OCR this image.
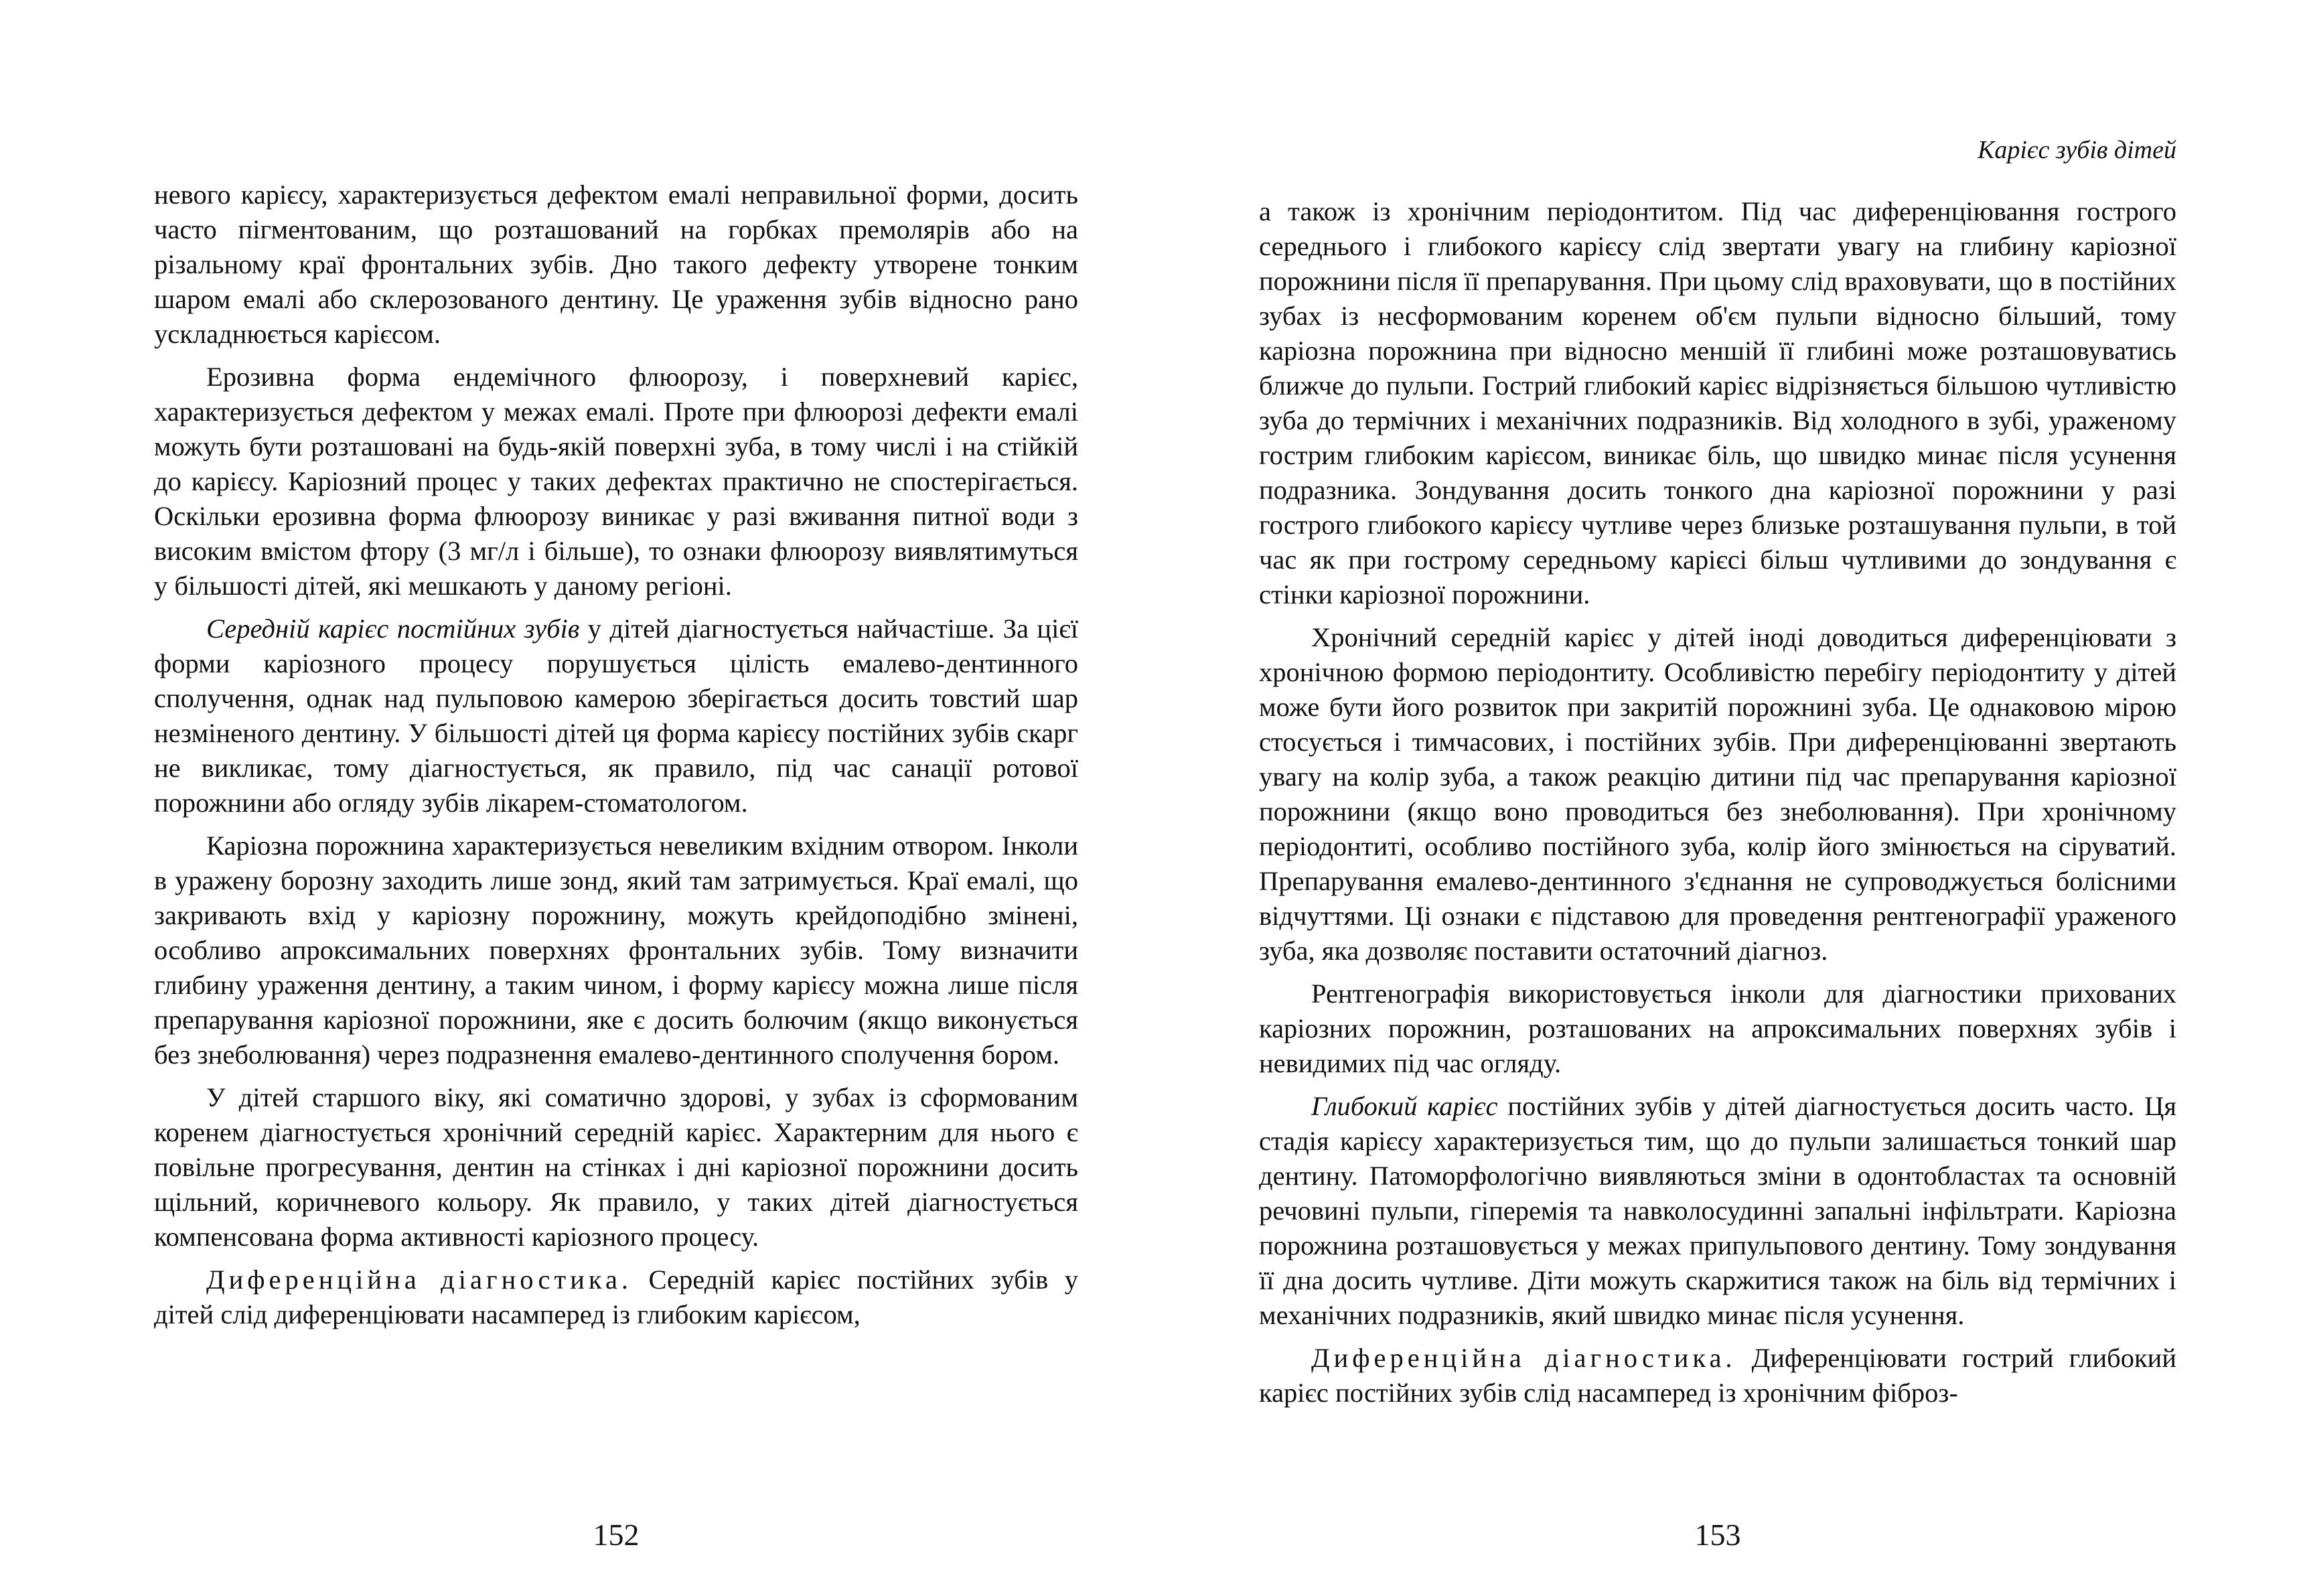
невого карієсу, характеризується дефектом емалі неправильної форми, досить часто пігментованим, що розташований на горбках премолярів або на різальному краї фронтальних зубів. Дно такого дефекту утворене тонким шаром емалі або склерозованого дентину. Це ураження зубів відносно рано ускладнюється карієсом.

Ерозивна форма ендемічного флюорозу, і поверхневий карієс, характеризується дефектом у межах емалі. Проте при флюорозі дефекти емалі можуть бути розташовані на будь-якій поверхні зуба, в тому числі і на стійкій до карієсу. Каріозний процес у таких дефектах практично не спостерігається. Оскільки ерозивна форма флюорозу виникає у разі вживання питної води з високим вмістом фтору (3 мг/л і більше), то ознаки флюорозу виявлятимуться у більшості дітей, які мешкають у даному регіоні.

Середній карієс постійних зубів у дітей діагностується найчастіше. За цієї форми каріозного процесу порушується цілість емалево-дентинного сполучення, однак над пульповою камерою зберігається досить товстий шар незміненого дентину. У більшості дітей ця форма карієсу постійних зубів скарг не викликає, тому діагностується, як правило, під час санації ротової порожнини або огляду зубів лікарем-стоматологом.

Каріозна порожнина характеризується невеликим вхідним отвором. Інколи в уражену борозну заходить лише зонд, який там затримується. Краї емалі, що закривають вхід у каріозну порожнину, можуть крейдоподібно змінені, особливо апроксимальних поверхнях фронтальних зубів. Тому визначити глибину ураження дентину, а таким чином, і форму карієсу можна лише після препарування каріозної порожнини, яке є досить болючим (якщо виконується без знеболювання) через подразнення емалево-дентинного сполучення бором.

У дітей старшого віку, які соматично здорові, у зубах із сформованим коренем діагностується хронічний середній карієс. Характерним для нього є повільне прогресування, дентин на стінках і дні каріозної порожнини досить щільний, коричневого кольору. Як правило, у таких дітей діагностується компенсована форма активності каріозного процесу.

Диференційна діагностика. Середній карієс постійних зубів у дітей слід диференціювати насамперед із глибоким карієсом,

152
Карієс зубів дітей

а також із хронічним періодонтитом. Під час диференціювання гострого середнього і глибокого карієсу слід звертати увагу на глибину каріозної порожнини після її препарування. При цьому слід враховувати, що в постійних зубах із несформованим коренем об'єм пульпи відносно більший, тому каріозна порожнина при відносно меншій її глибині може розташовуватись ближче до пульпи. Гострий глибокий карієс відрізняється більшою чутливістю зуба до термічних і механічних подразників. Від холодного в зубі, ураженому гострим глибоким карієсом, виникає біль, що швидко минає після усунення подразника. Зондування досить тонкого дна каріозної порожнини у разі гострого глибокого карієсу чутливе через близьке розташування пульпи, в той час як при гострому середньому карієсі більш чутливими до зондування є стінки каріозної порожнини.

Хронічний середній карієс у дітей іноді доводиться диференціювати з хронічною формою періодонтиту. Особливістю перебігу періодонтиту у дітей може бути його розвиток при закритій порожнині зуба. Це однаковою мірою стосується і тимчасових, і постійних зубів. При диференціюванні звертають увагу на колір зуба, а також реакцію дитини під час препарування каріозної порожнини (якщо воно проводиться без знеболювання). При хронічному періодонтиті, особливо постійного зуба, колір його змінюється на сіруватий. Препарування емалево-дентинного з'єднання не супроводжується болісними відчуттями. Ці ознаки є підставою для проведення рентгенографії ураженого зуба, яка дозволяє поставити остаточний діагноз.

Рентгенографія використовується інколи для діагностики прихованих каріозних порожнин, розташованих на апроксимальних поверхнях зубів і невидимих під час огляду.

Глибокий карієс постійних зубів у дітей діагностується досить часто. Ця стадія карієсу характеризується тим, що до пульпи залишається тонкий шар дентину. Патоморфологічно виявляються зміни в одонтобластах та основній речовині пульпи, гіперемія та навколосудинні запальні інфільтрати. Каріозна порожнина розташовується у межах припульпового дентину. Тому зондування її дна досить чутливе. Діти можуть скаржитися також на біль від термічних і механічних подразників, який швидко минає після усунення.

Диференційна діагностика. Диференціювати гострий глибокий карієс постійних зубів слід насамперед із хронічним фіброз-

153
